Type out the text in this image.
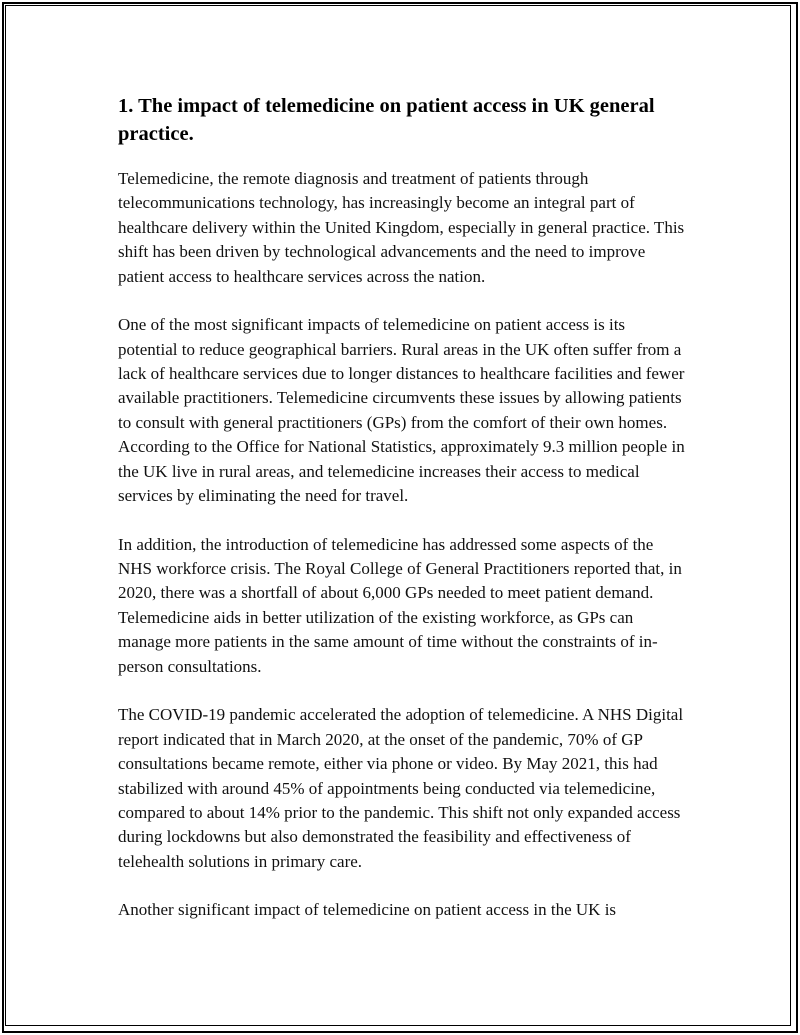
1. The impact of telemedicine on patient access in UK general practice.

Telemedicine, the remote diagnosis and treatment of patients through telecommunications technology, has increasingly become an integral part of healthcare delivery within the United Kingdom, especially in general practice. This shift has been driven by technological advancements and the need to improve patient access to healthcare services across the nation.

One of the most significant impacts of telemedicine on patient access is its potential to reduce geographical barriers. Rural areas in the UK often suffer from a lack of healthcare services due to longer distances to healthcare facilities and fewer available practitioners. Telemedicine circumvents these issues by allowing patients to consult with general practitioners (GPs) from the comfort of their own homes. According to the Office for National Statistics, approximately 9.3 million people in the UK live in rural areas, and telemedicine increases their access to medical services by eliminating the need for travel.

In addition, the introduction of telemedicine has addressed some aspects of the NHS workforce crisis. The Royal College of General Practitioners reported that, in 2020, there was a shortfall of about 6,000 GPs needed to meet patient demand. Telemedicine aids in better utilization of the existing workforce, as GPs can manage more patients in the same amount of time without the constraints of in-person consultations.

The COVID-19 pandemic accelerated the adoption of telemedicine. A NHS Digital report indicated that in March 2020, at the onset of the pandemic, 70% of GP consultations became remote, either via phone or video. By May 2021, this had stabilized with around 45% of appointments being conducted via telemedicine, compared to about 14% prior to the pandemic. This shift not only expanded access during lockdowns but also demonstrated the feasibility and effectiveness of telehealth solutions in primary care.

Another significant impact of telemedicine on patient access in the UK is
